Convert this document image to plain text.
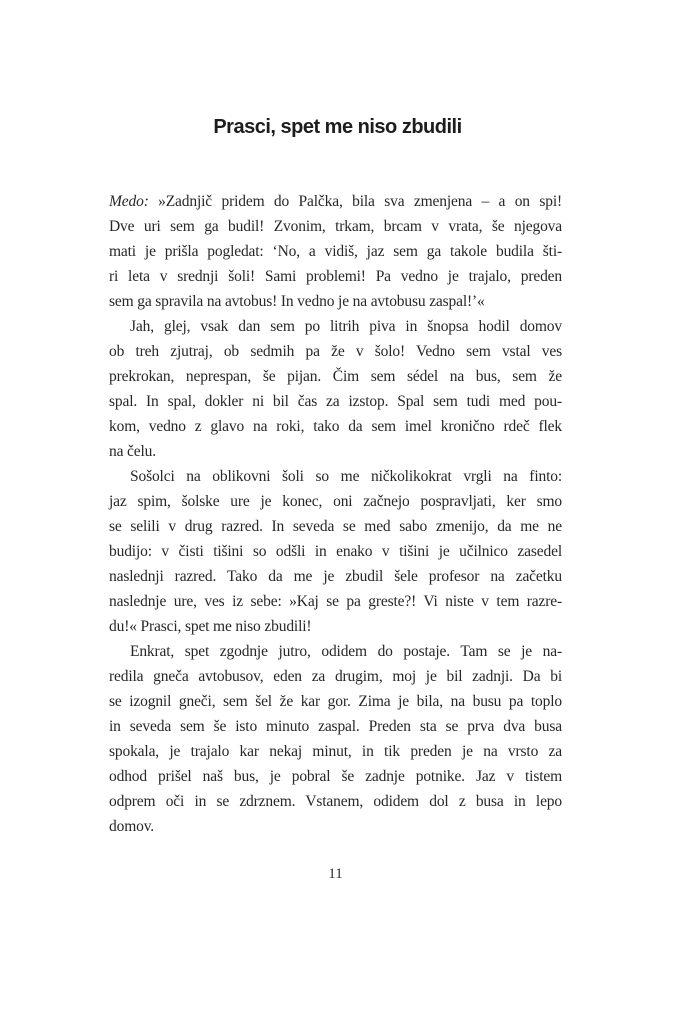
Prasci, spet me niso zbudili
Medo: »Zadnjič pridem do Palčka, bila sva zmenjena – a on spi!
Dve uri sem ga budil! Zvonim, trkam, brcam v vrata, še njegova
mati je prišla pogledat: ‘No, a vidiš, jaz sem ga takole budila šti-
ri leta v srednji šoli! Sami problemi! Pa vedno je trajalo, preden
sem ga spravila na avtobus! In vedno je na avtobusu zaspal!’«
Jah, glej, vsak dan sem po litrih piva in šnopsa hodil domov
ob treh zjutraj, ob sedmih pa že v šolo! Vedno sem vstal ves
prekrokan, neprespan, še pijan. Čim sem sédel na bus, sem že
spal. In spal, dokler ni bil čas za izstop. Spal sem tudi med pou-
kom, vedno z glavo na roki, tako da sem imel kronično rdeč flek
na čelu.
Sošolci na oblikovni šoli so me ničkolikokrat vrgli na finto:
jaz spim, šolske ure je konec, oni začnejo pospravljati, ker smo
se selili v drug razred. In seveda se med sabo zmenijo, da me ne
budijo: v čisti tišini so odšli in enako v tišini je učilnico zasedel
naslednji razred. Tako da me je zbudil šele profesor na začetku
naslednje ure, ves iz sebe: »Kaj se pa greste?! Vi niste v tem razre-
du!« Prasci, spet me niso zbudili!
Enkrat, spet zgodnje jutro, odidem do postaje. Tam se je na-
redila gneča avtobusov, eden za drugim, moj je bil zadnji. Da bi
se izognil gneči, sem šel že kar gor. Zima je bila, na busu pa toplo
in seveda sem še isto minuto zaspal. Preden sta se prva dva busa
spokala, je trajalo kar nekaj minut, in tik preden je na vrsto za
odhod prišel naš bus, je pobral še zadnje potnike. Jaz v tistem
odprem oči in se zdrznem. Vstanem, odidem dol z busa in lepo
domov.
11
